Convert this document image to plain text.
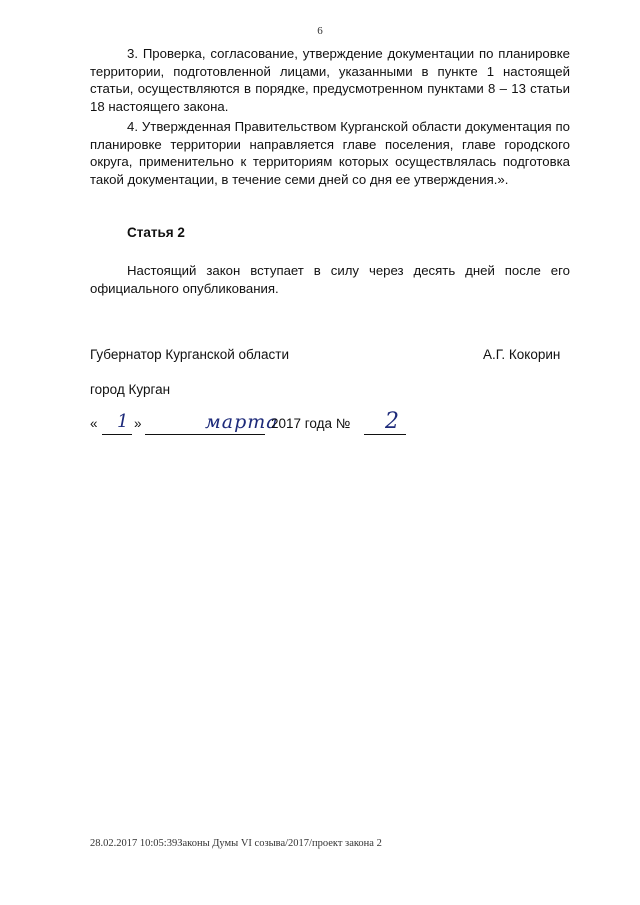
6

3. Проверка, согласование, утверждение документации по планировке территории, подготовленной лицами, указанными в пункте 1 настоящей статьи, осуществляются в порядке, предусмотренном пунктами 8 – 13 статьи 18 настоящего закона.

4. Утвержденная Правительством Курганской области документация по планировке территории направляется главе поселения, главе городского округа, применительно к территориям которых осуществлялась подготовка такой документации, в течение семи дней со дня ее утверждения.».

Статья 2

Настоящий закон вступает в силу через десять дней после его официального опубликования.

Губернатор Курганской области	А.Г. Кокорин
город Курган
« 1 »	марта
2017 года № 2
28.02.2017 10:05:39Законы Думы VI созыва/2017/проект закона 2
